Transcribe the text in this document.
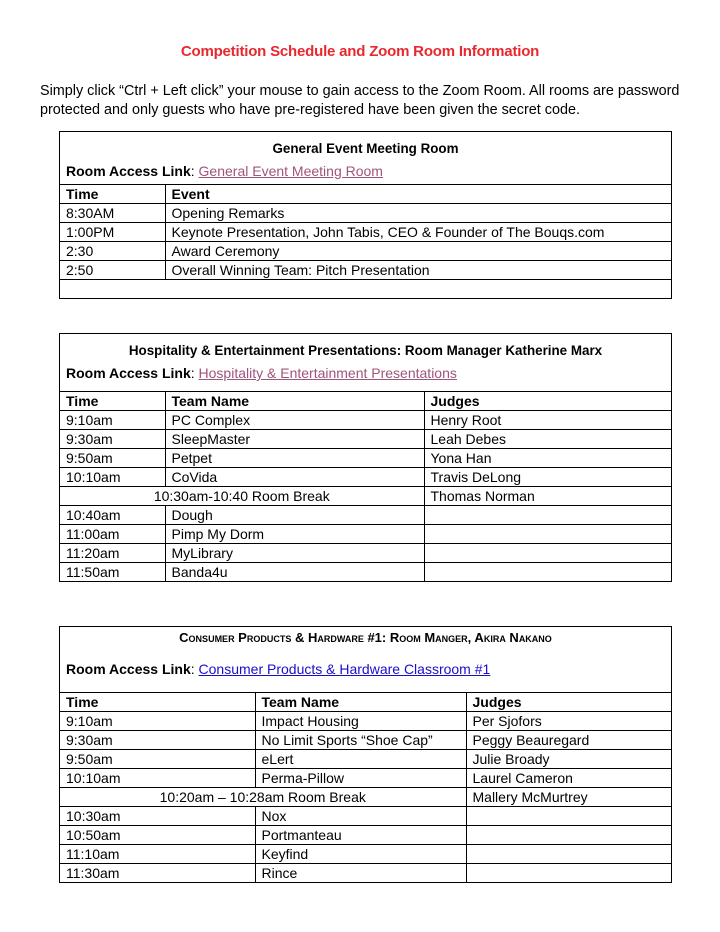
Competition Schedule and Zoom Room Information
Simply click “Ctrl + Left click” your mouse to gain access to the Zoom Room. All rooms are password protected and only guests who have pre-registered have been given the secret code.
General Event Meeting Room
Room Access Link: General Event Meeting Room
Time	Event
8:30AM	Opening Remarks
1:00PM	Keynote Presentation, John Tabis, CEO & Founder of The Bouqs.com
2:30	Award Ceremony
2:50	Overall Winning Team: Pitch Presentation

Hospitality & Entertainment Presentations: Room Manager Katherine Marx
Room Access Link: Hospitality & Entertainment Presentations
Time	Team Name	Judges
9:10am	PC Complex	Henry Root
9:30am	SleepMaster	Leah Debes
9:50am	Petpet	Yona Han
10:10am	CoVida	Travis DeLong
10:30am-10:40 Room Break		Thomas Norman
10:40am	Dough	
11:00am	Pimp My Dorm	
11:20am	MyLibrary	
11:50am	Banda4u	
Consumer Products & Hardware #1: Room Manger, Akira Nakano
Room Access Link: Consumer Products & Hardware Classroom #1
Time	Team Name	Judges
9:10am	Impact Housing	Per Sjofors
9:30am	No Limit Sports “Shoe Cap”	Peggy Beauregard
9:50am	eLert	Julie Broady
10:10am	Perma-Pillow	Laurel Cameron
10:20am – 10:28am Room Break		Mallery McMurtrey
10:30am	Nox	
10:50am	Portmanteau	
11:10am	Keyfind	
11:30am	Rince	
